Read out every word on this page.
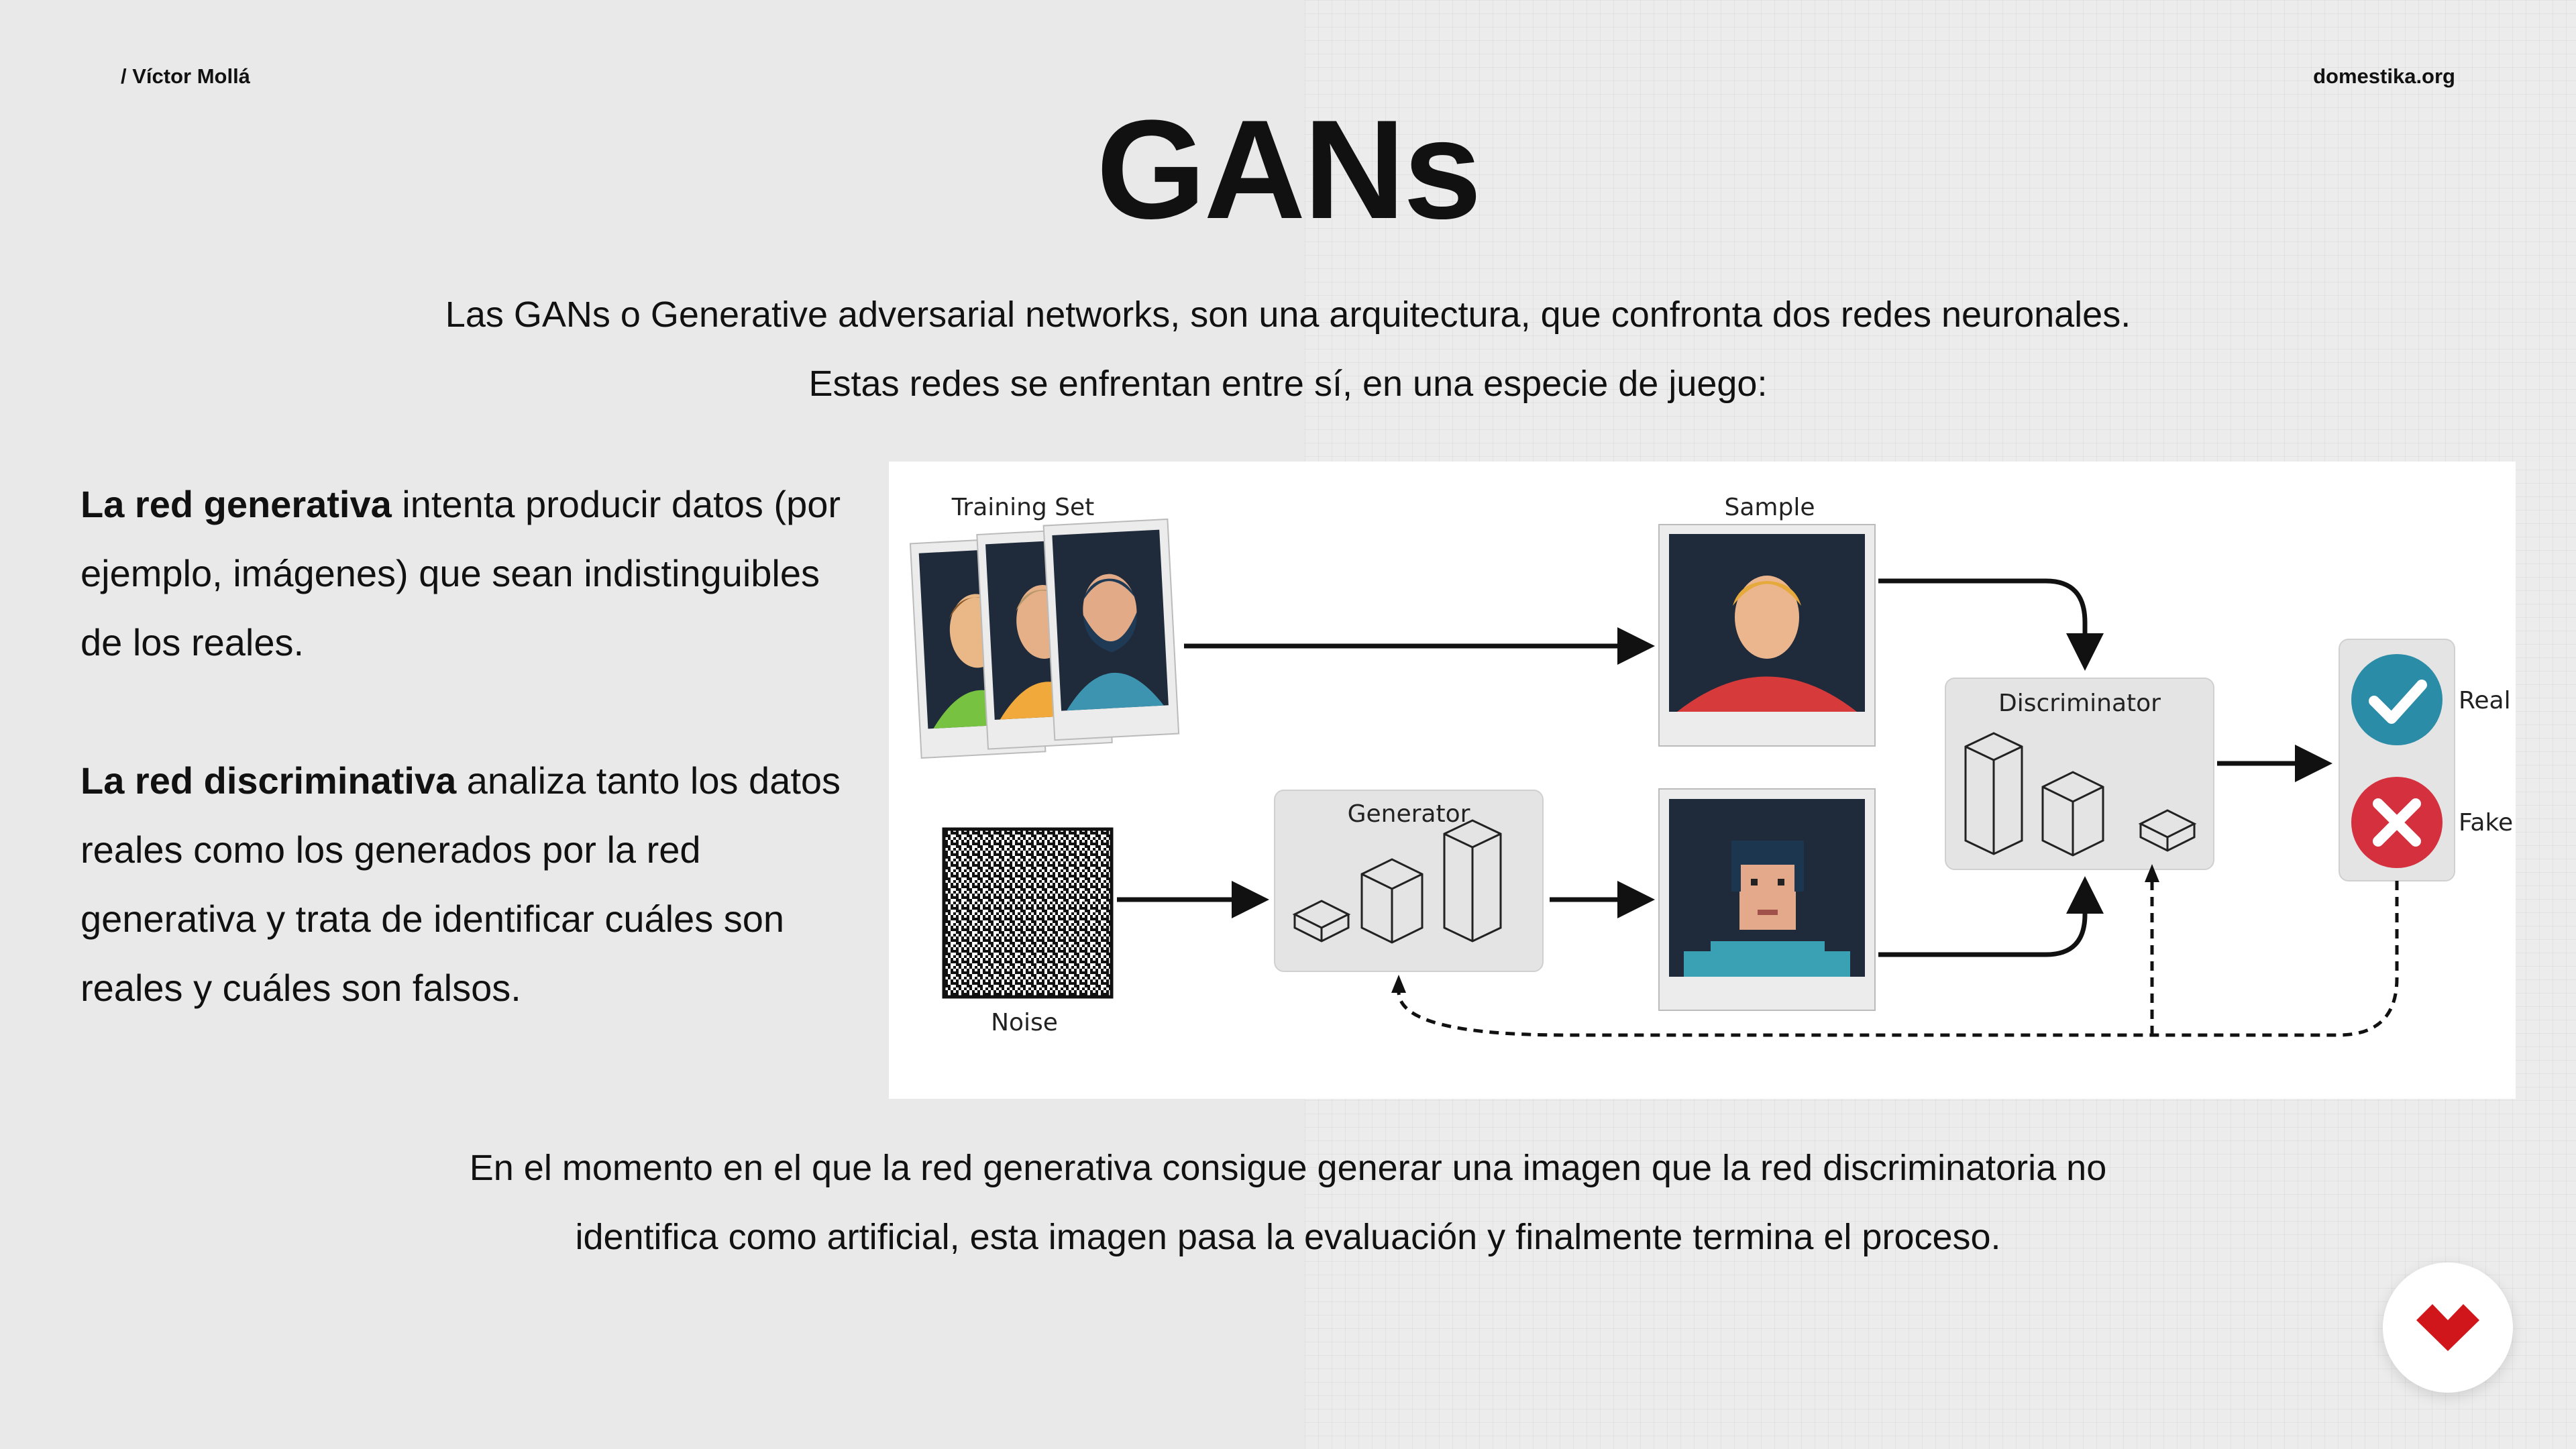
/ Víctor Mollá	domestika.org
GANs
Las GANs o Generative adversarial networks, son una arquitectura, que confronta dos redes neuronales.
Estas redes se enfrentan entre sí, en una especie de juego:

La red generativa intenta producir datos (por ejemplo, imágenes) que sean indistinguibles de los reales.

La red discriminativa analiza tanto los datos reales como los generados por la red generativa y trata de identificar cuáles son reales y cuáles son falsos.

Training Set
Noise
Generator
Sample
Discriminator	Real
Fake
En el momento en el que la red generativa consigue generar una imagen que la red discriminatoria no
identifica como artificial, esta imagen pasa la evaluación y finalmente termina el proceso.
